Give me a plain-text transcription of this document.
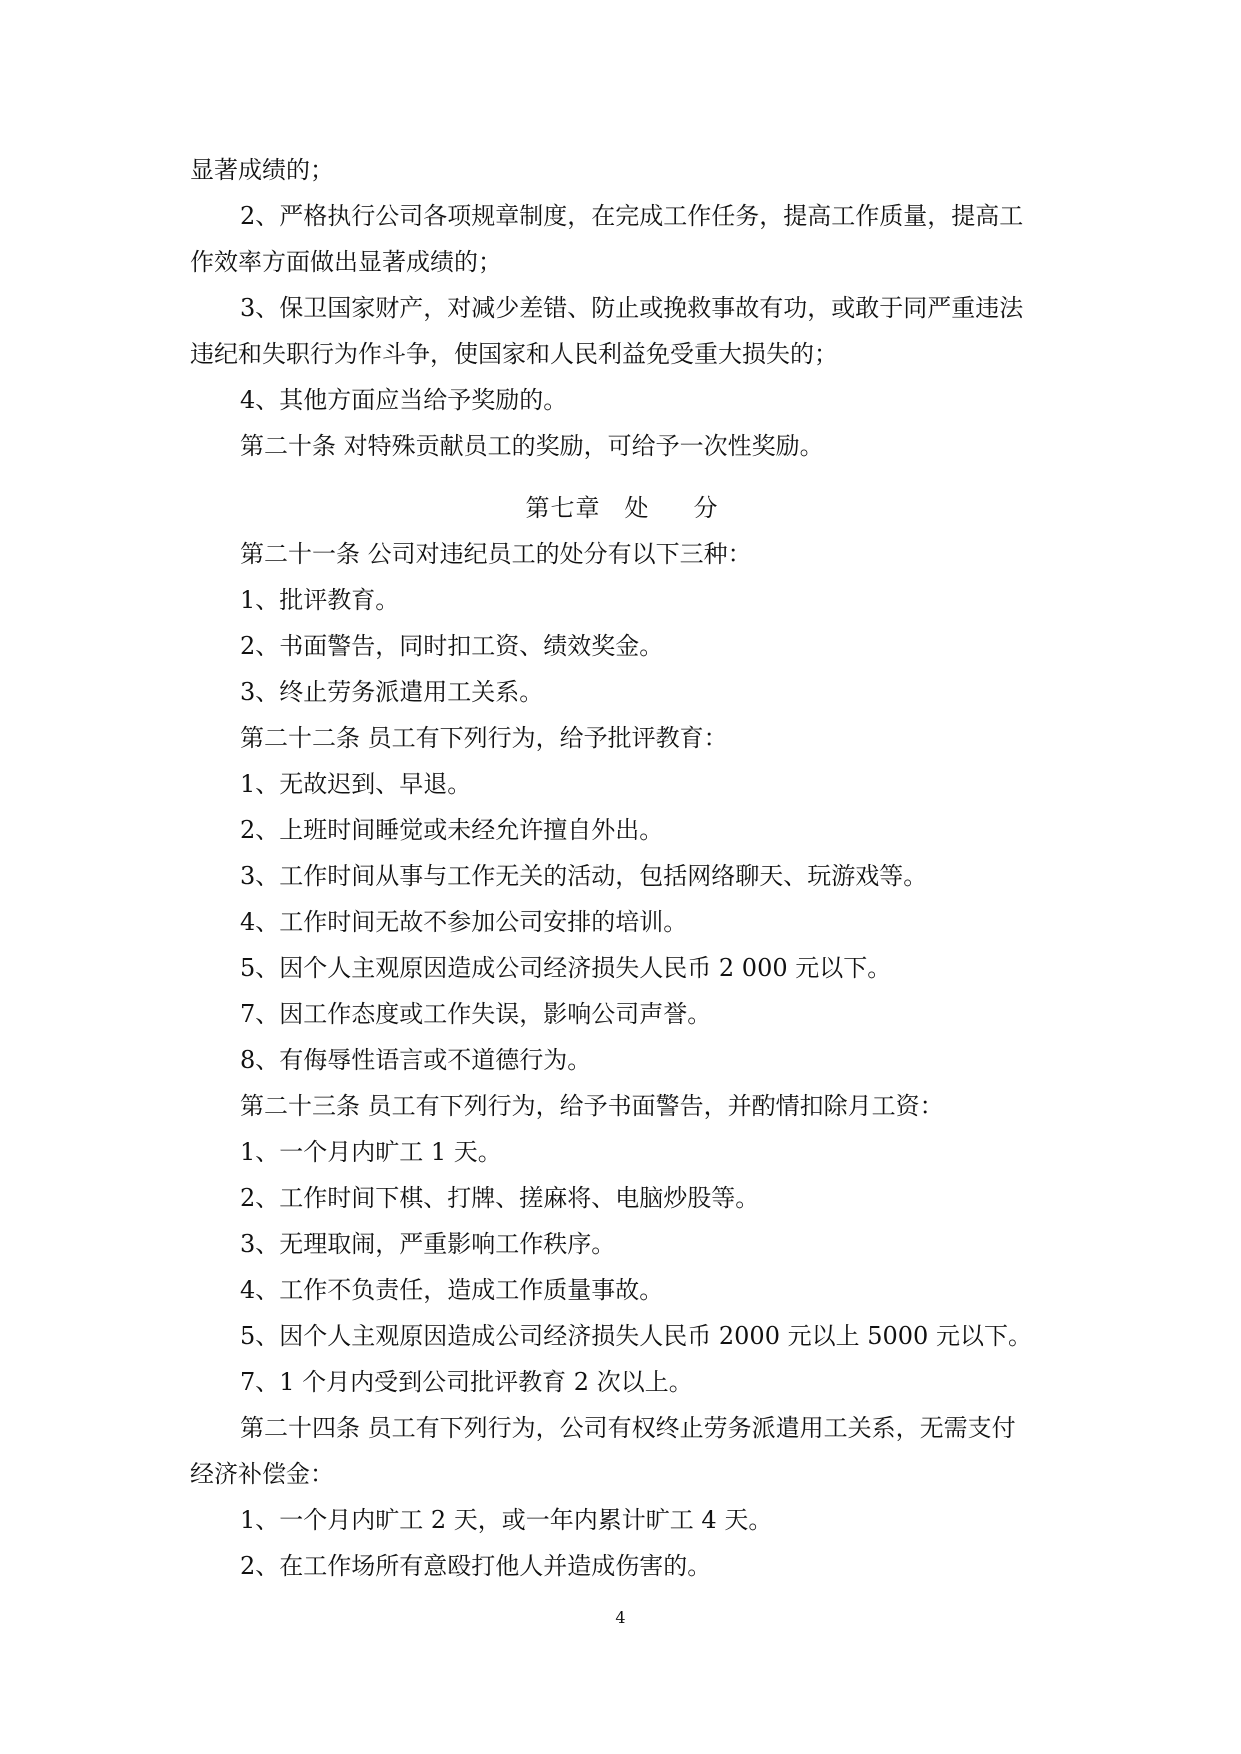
显著成绩的；
2、严格执行公司各项规章制度，在完成工作任务，提高工作质量，提高工
作效率方面做出显著成绩的；
3、保卫国家财产，对减少差错、防止或挽救事故有功，或敢于同严重违法
违纪和失职行为作斗争，使国家和人民利益免受重大损失的；
4、其他方面应当给予奖励的。
第二十条 对特殊贡献员工的奖励，可给予一次性奖励。
第七章 处 分
第二十一条 公司对违纪员工的处分有以下三种：
1、批评教育。
2、书面警告，同时扣工资、绩效奖金。
3、终止劳务派遣用工关系。
第二十二条 员工有下列行为，给予批评教育：
1、无故迟到、早退。
2、上班时间睡觉或未经允许擅自外出。
3、工作时间从事与工作无关的活动，包括网络聊天、玩游戏等。
4、工作时间无故不参加公司安排的培训。
5、因个人主观原因造成公司经济损失人民币 2 000 元以下。
7、因工作态度或工作失误，影响公司声誉。
8、有侮辱性语言或不道德行为。
第二十三条 员工有下列行为，给予书面警告，并酌情扣除月工资：
1、一个月内旷工 1 天。
2、工作时间下棋、打牌、搓麻将、电脑炒股等。
3、无理取闹，严重影响工作秩序。
4、工作不负责任，造成工作质量事故。
5、因个人主观原因造成公司经济损失人民币 2000 元以上 5000 元以下。
7、1 个月内受到公司批评教育 2 次以上。
第二十四条 员工有下列行为，公司有权终止劳务派遣用工关系，无需支付
经济补偿金：
1、一个月内旷工 2 天，或一年内累计旷工 4 天。
2、在工作场所有意殴打他人并造成伤害的。
4
